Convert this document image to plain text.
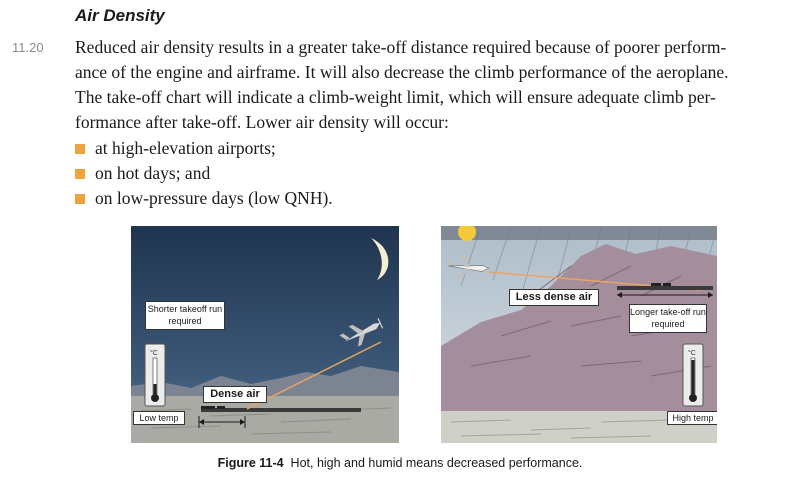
Air Density
11.20 Reduced air density results in a greater take-off distance required because of poorer perform-
ance of the engine and airframe. It will also decrease the climb performance of the aeroplane.
The take-off chart will indicate a climb-weight limit, which will ensure adequate climb per-
formance after take-off. Lower air density will occur:
at high-elevation airports;
on hot days; and
on low-pressure days (low QNH).
°C
Shorter takeoff run required
Dense air
Low temp
°C
Less dense air
Longer take-off run required
High temp
Figure 11-4 Hot, high and humid means decreased performance.
